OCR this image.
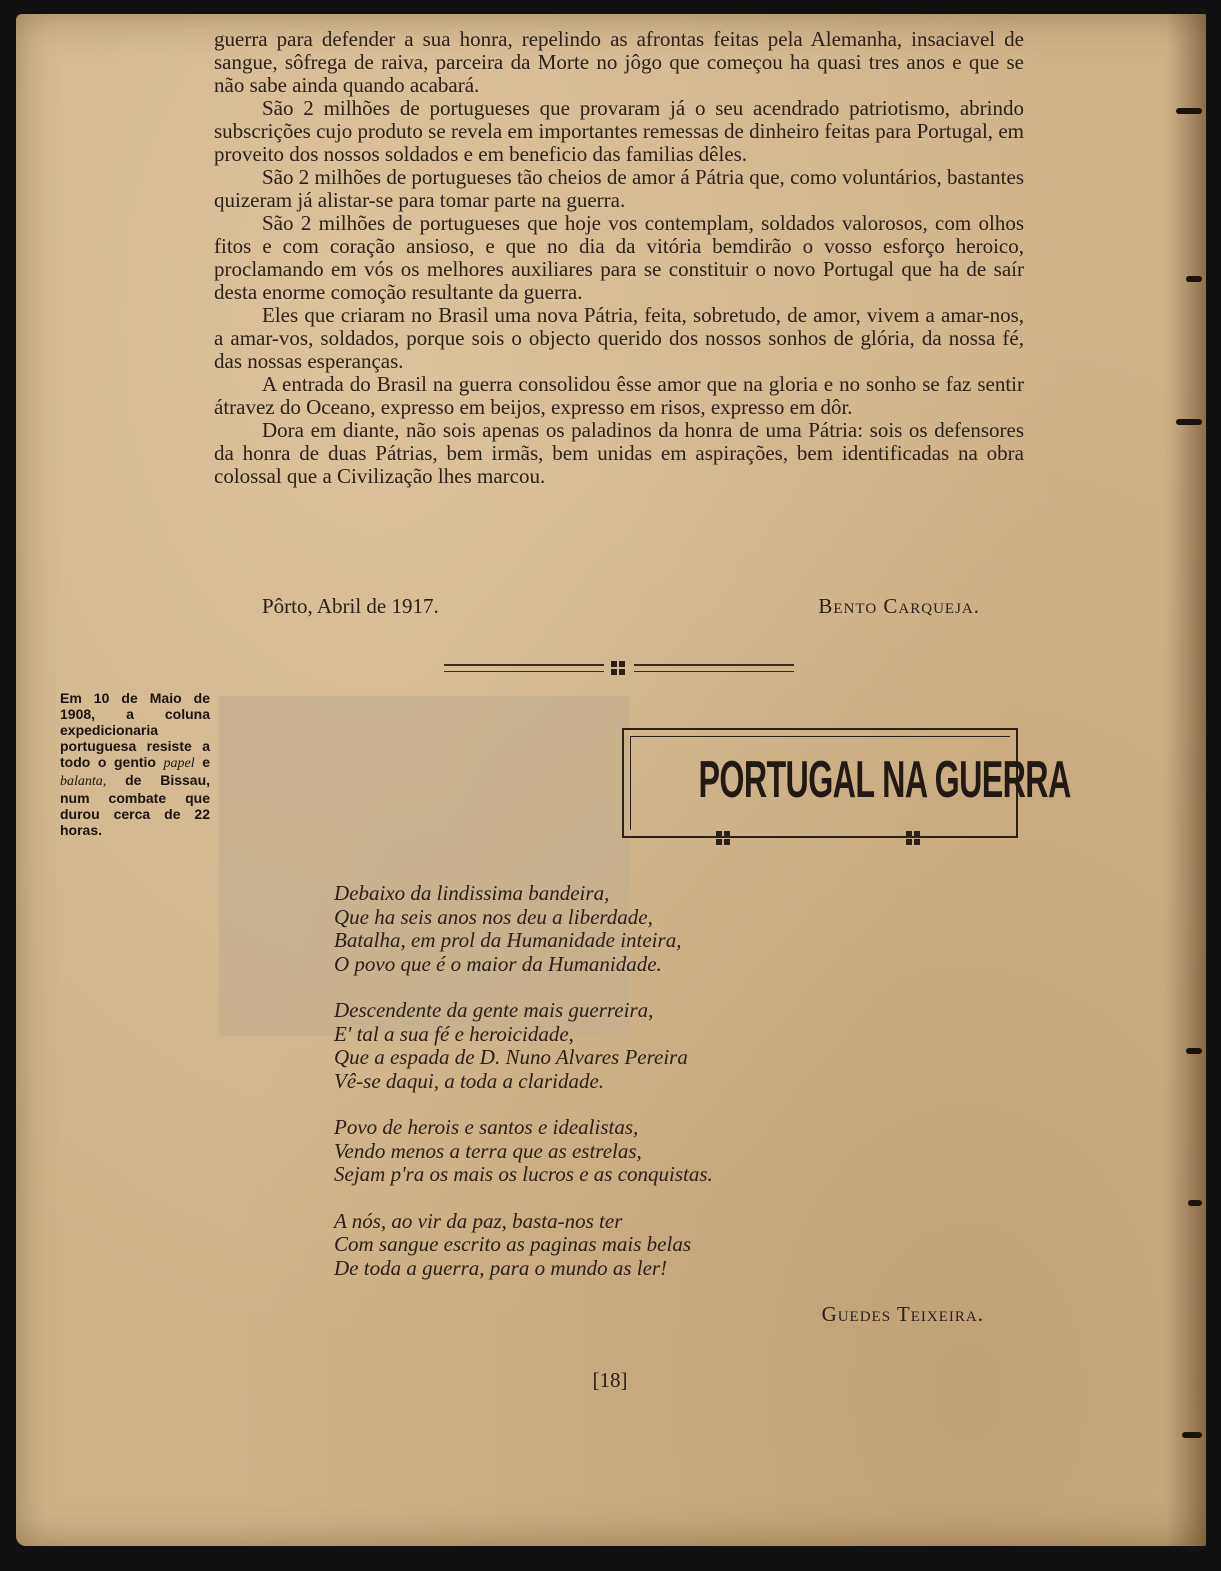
guerra para defender a sua honra, repelindo as afrontas feitas pela Alemanha, insaciavel de sangue, sôfrega de raiva, parceira da Morte no jôgo que começou ha quasi tres anos e que se não sabe ainda quando acabará.

São 2 milhões de portugueses que provaram já o seu acendrado patriotismo, abrindo subscrições cujo produto se revela em importantes remessas de dinheiro feitas para Portugal, em proveito dos nossos soldados e em beneficio das familias dêles.

São 2 milhões de portugueses tão cheios de amor á Pátria que, como voluntários, bastantes quizeram já alistar-se para tomar parte na guerra.

São 2 milhões de portugueses que hoje vos contemplam, soldados valorosos, com olhos fitos e com coração ansioso, e que no dia da vitória bemdirão o vosso esforço heroico, proclamando em vós os melhores auxiliares para se constituir o novo Portugal que ha de saír desta enorme comoção resultante da guerra.

Eles que criaram no Brasil uma nova Pátria, feita, sobretudo, de amor, vivem a amar-nos, a amar-vos, soldados, porque sois o objecto querido dos nossos sonhos de glória, da nossa fé, das nossas esperanças.

A entrada do Brasil na guerra consolidou êsse amor que na gloria e no sonho se faz sentir átravez do Oceano, expresso em beijos, expresso em risos, expresso em dôr.

Dora em diante, não sois apenas os paladinos da honra de uma Pátria: sois os defensores da honra de duas Pátrias, bem irmãs, bem unidas em aspirações, bem identificadas na obra colossal que a Civilização lhes marcou.

Pôrto, Abril de 1917.	Bento Carqueja.
Em 10 de Maio de 1908, a coluna expedicionaria portuguesa resiste a todo o gentio papel e balanta, de Bissau, num combate que durou cerca de 22 horas.
PORTUGAL NA GUERRA
Debaixo da lindissima bandeira,
Que ha seis anos nos deu a liberdade,
Batalha, em prol da Humanidade inteira,
O povo que é o maior da Humanidade.
Descendente da gente mais guerreira,
E' tal a sua fé e heroicidade,
Que a espada de D. Nuno Alvares Pereira
Vê-se daqui, a toda a claridade.
Povo de herois e santos e idealistas,
Vendo menos a terra que as estrelas,
Sejam p'ra os mais os lucros e as conquistas.
A nós, ao vir da paz, basta-nos ter
Com sangue escrito as paginas mais belas
De toda a guerra, para o mundo as ler!
Guedes Teixeira.
[18]
